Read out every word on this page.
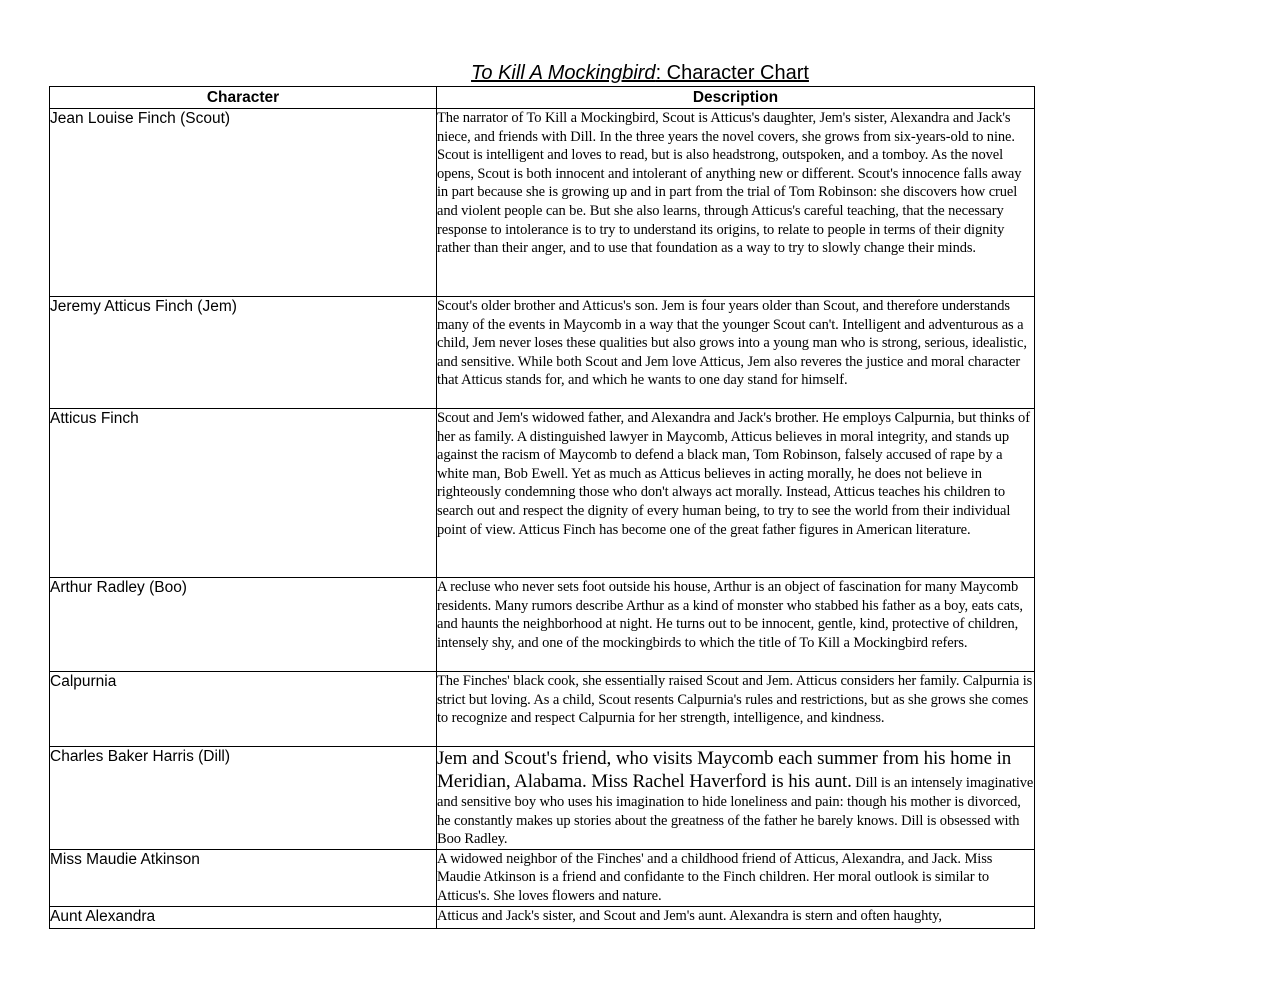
To Kill A Mockingbird: Character Chart
Character	Description
Jean Louise Finch (Scout)	The narrator of To Kill a Mockingbird, Scout is Atticus's daughter, Jem's sister, Alexandra and Jack's niece, and friends with Dill. In the three years the novel covers, she grows from six-years-old to nine. Scout is intelligent and loves to read, but is also headstrong, outspoken, and a tomboy. As the novel opens, Scout is both innocent and intolerant of anything new or different. Scout's innocence falls away in part because she is growing up and in part from the trial of Tom Robinson: she discovers how cruel and violent people can be. But she also learns, through Atticus's careful teaching, that the necessary response to intolerance is to try to understand its origins, to relate to people in terms of their dignity rather than their anger, and to use that foundation as a way to try to slowly change their minds.
Jeremy Atticus Finch (Jem)	Scout's older brother and Atticus's son. Jem is four years older than Scout, and therefore understands many of the events in Maycomb in a way that the younger Scout can't. Intelligent and adventurous as a child, Jem never loses these qualities but also grows into a young man who is strong, serious, idealistic, and sensitive. While both Scout and Jem love Atticus, Jem also reveres the justice and moral character that Atticus stands for, and which he wants to one day stand for himself.
Atticus Finch	Scout and Jem's widowed father, and Alexandra and Jack's brother. He employs Calpurnia, but thinks of her as family. A distinguished lawyer in Maycomb, Atticus believes in moral integrity, and stands up against the racism of Maycomb to defend a black man, Tom Robinson, falsely accused of rape by a white man, Bob Ewell. Yet as much as Atticus believes in acting morally, he does not believe in righteously condemning those who don't always act morally. Instead, Atticus teaches his children to search out and respect the dignity of every human being, to try to see the world from their individual point of view. Atticus Finch has become one of the great father figures in American literature.
Arthur Radley (Boo)	A recluse who never sets foot outside his house, Arthur is an object of fascination for many Maycomb residents. Many rumors describe Arthur as a kind of monster who stabbed his father as a boy, eats cats, and haunts the neighborhood at night. He turns out to be innocent, gentle, kind, protective of children, intensely shy, and one of the mockingbirds to which the title of To Kill a Mockingbird refers.
Calpurnia	The Finches' black cook, she essentially raised Scout and Jem. Atticus considers her family. Calpurnia is strict but loving. As a child, Scout resents Calpurnia's rules and restrictions, but as she grows she comes to recognize and respect Calpurnia for her strength, intelligence, and kindness.
Charles Baker Harris (Dill)	Jem and Scout's friend, who visits Maycomb each summer from his home in Meridian, Alabama. Miss Rachel Haverford is his aunt. Dill is an intensely imaginative and sensitive boy who uses his imagination to hide loneliness and pain: though his mother is divorced, he constantly makes up stories about the greatness of the father he barely knows. Dill is obsessed with Boo Radley.
Miss Maudie Atkinson	A widowed neighbor of the Finches' and a childhood friend of Atticus, Alexandra, and Jack. Miss Maudie Atkinson is a friend and confidante to the Finch children. Her moral outlook is similar to Atticus's. She loves flowers and nature.
Aunt Alexandra	Atticus and Jack's sister, and Scout and Jem's aunt. Alexandra is stern and often haughty,
